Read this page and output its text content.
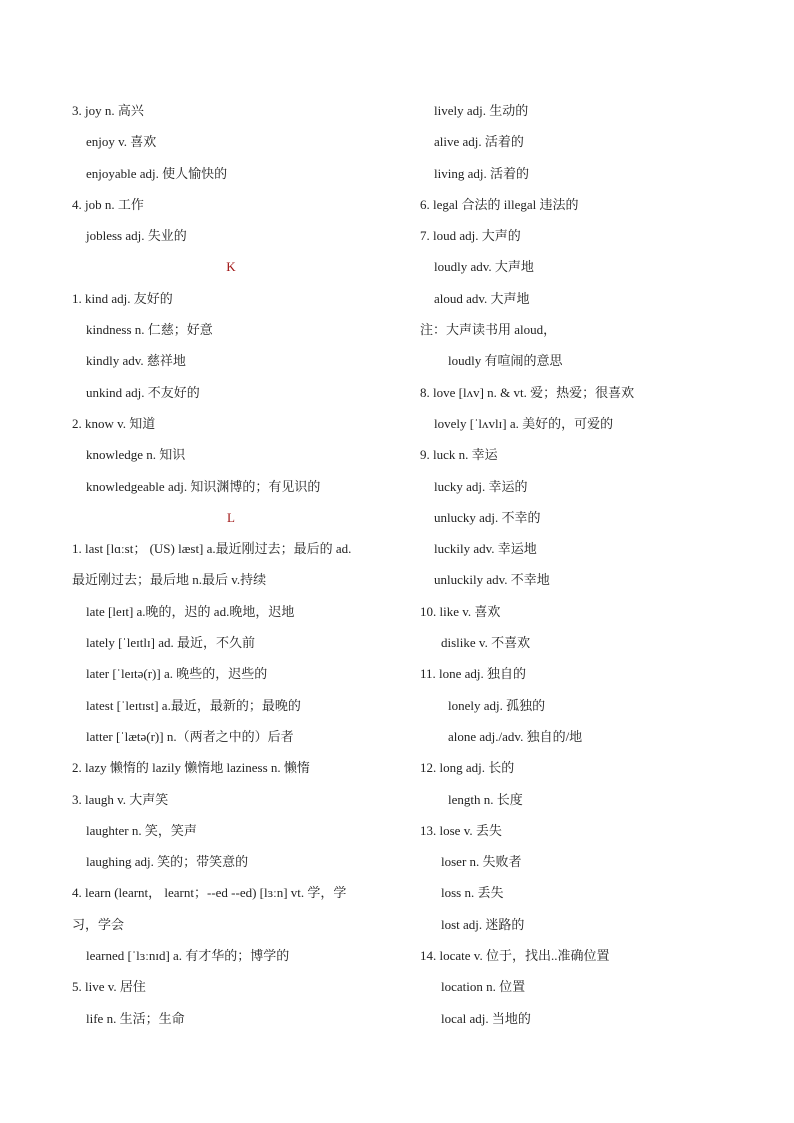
3. joy n. 高兴
enjoy v. 喜欢
enjoyable adj. 使人愉快的
4. job n. 工作
jobless adj. 失业的
K
1. kind adj. 友好的
kindness n. 仁慈；好意
kindly adv. 慈祥地
unkind adj. 不友好的
2. know v. 知道
knowledge n. 知识
knowledgeable adj. 知识渊博的；有见识的
L
1. last [lɑːst； (US) læst] a.最近刚过去；最后的 ad.
最近刚过去；最后地 n.最后 v.持续
late [leɪt] a.晚的，迟的 ad.晚地，迟地
lately [ˈleɪtlɪ] ad. 最近，不久前
later [ˈleɪtə(r)] a. 晚些的，迟些的
latest [ˈleɪtɪst] a.最近，最新的；最晚的
latter [ˈlætə(r)] n.（两者之中的）后者
2. lazy 懒惰的 lazily 懒惰地 laziness n. 懒惰
3. laugh v. 大声笑
laughter n. 笑，笑声
laughing adj. 笑的；带笑意的
4. learn (learnt， learnt；--ed --ed) [lɜːn] vt. 学，学
习，学会
learned [ˈlɜːnɪd] a. 有才华的；博学的
5. live v. 居住
life n. 生活；生命
lively adj. 生动的
alive adj. 活着的
living adj. 活着的
6. legal 合法的 illegal 违法的
7. loud adj. 大声的
loudly adv. 大声地
aloud adv. 大声地
注：大声读书用 aloud，
loudly 有喧闹的意思
8. love [lʌv] n. & vt. 爱；热爱；很喜欢
lovely [ˈlʌvlɪ] a. 美好的，可爱的
9. luck n. 幸运
lucky adj. 幸运的
unlucky adj. 不幸的
luckily adv. 幸运地
unluckily adv. 不幸地
10. like v. 喜欢
dislike v. 不喜欢
11. lone adj. 独自的
lonely adj. 孤独的
alone adj./adv. 独自的/地
12. long adj. 长的
length n. 长度
13. lose v. 丢失
loser n. 失败者
loss n. 丢失
lost adj. 迷路的
14. locate v. 位于，找出..准确位置
location n. 位置
local adj. 当地的
